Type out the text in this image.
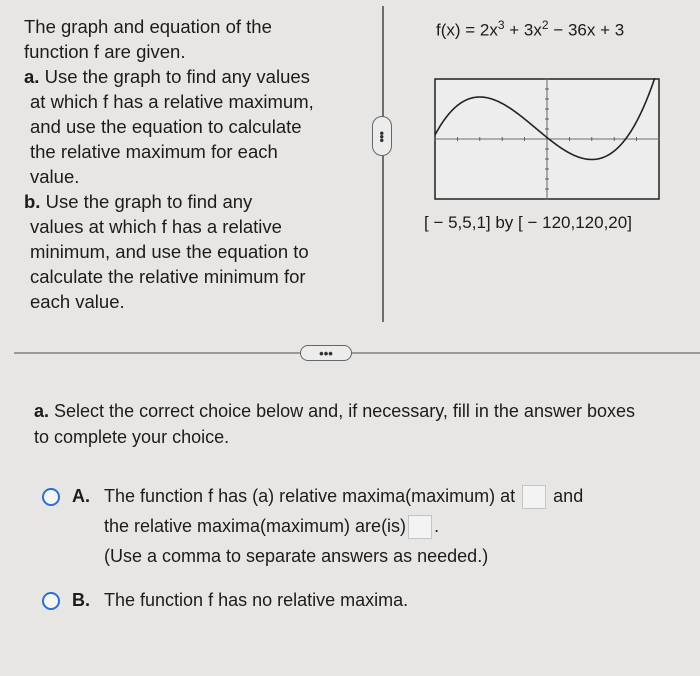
The graph and equation of the

function f are given.

a. Use the graph to find any values

at which f has a relative maximum,

and use the equation to calculate

the relative maximum for each

value.

b. Use the graph to find any

values at which f has a relative

minimum, and use the equation to

calculate the relative minimum for

each value.

•••
$f(x) = 2x^3 + 3x^2 - 36x + 3$
[ − 5,5,1] by [ − 120,120,20]
•••
a. Select the correct choice below and, if necessary, fill in the answer boxes to complete your choice.
A. The function f has (a) relative maxima(maximum) at and
the relative maxima(maximum) are(is) .
(Use a comma to separate answers as needed.)
B. The function f has no relative maxima.
